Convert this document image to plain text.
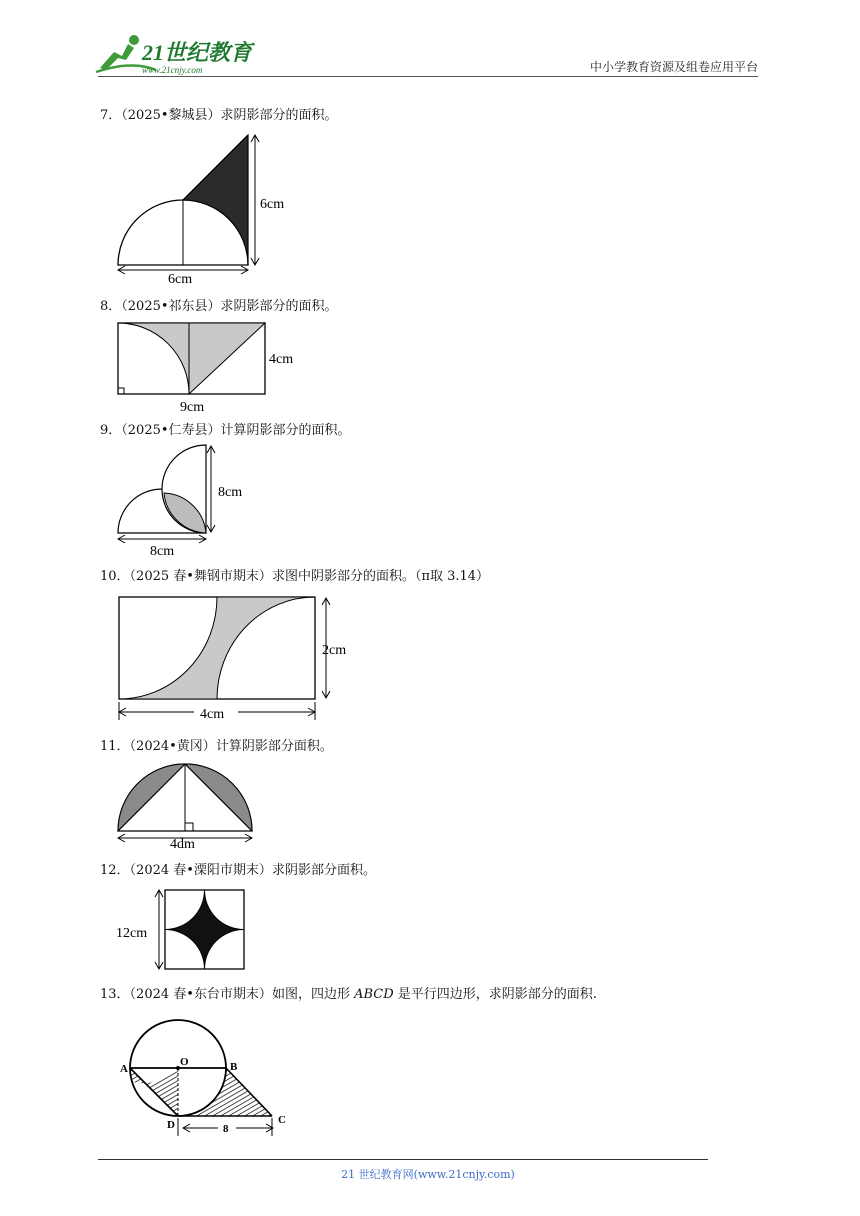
21世纪教育
www.21cnjy.com	中小学教育资源及组卷应用平台
7．（2025•黎城县）求阴影部分的面积。
6cm
6cm
8．（2025•祁东县）求阴影部分的面积。
4cm
9cm
9．（2025•仁寿县）计算阴影部分的面积。
8cm
8cm
10．（2025 春•舞钢市期末）求图中阴影部分的面积。（π取 3.14）
2cm
4cm
11．（2024•黄冈）计算阴影部分面积。
4dm
12．（2024 春•溧阳市期末）求阴影部分面积。
12cm
13．（2024 春•东台市期末）如图，四边形 ABCD 是平行四边形，求阴影部分的面积.
A
O	B
D	8
C
21 世纪教育网(www.21cnjy.com)
